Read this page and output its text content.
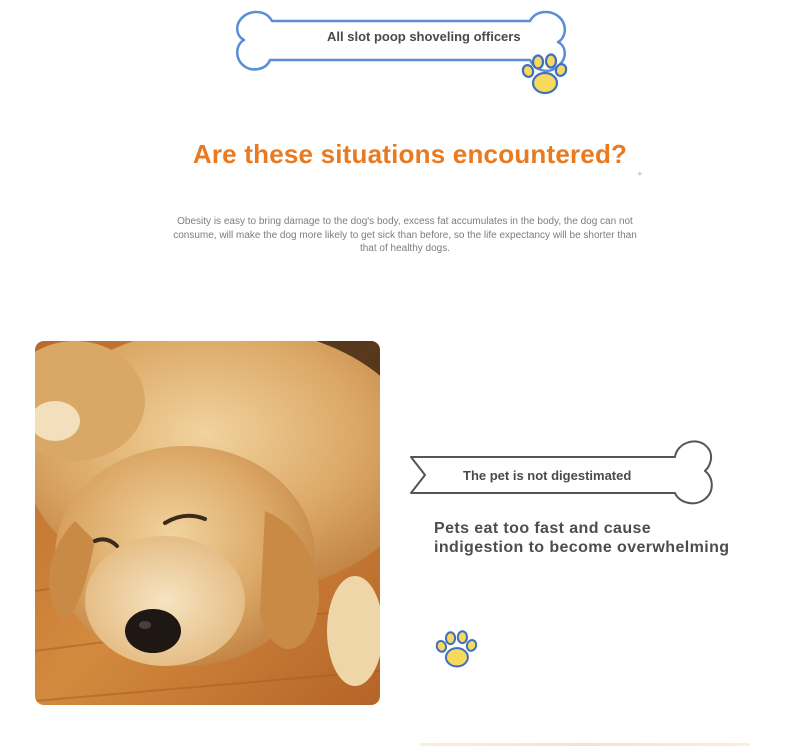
All slot poop shoveling officers
Are these situations encountered?
✦
Obesity is easy to bring damage to the dog's body, excess fat accumulates in the body, the dog can not consume, will make the dog more likely to get sick than before, so the life expectancy will be shorter than that of healthy dogs.
The pet is not digestimated
Pets eat too fast and cause indigestion to become overwhelming
